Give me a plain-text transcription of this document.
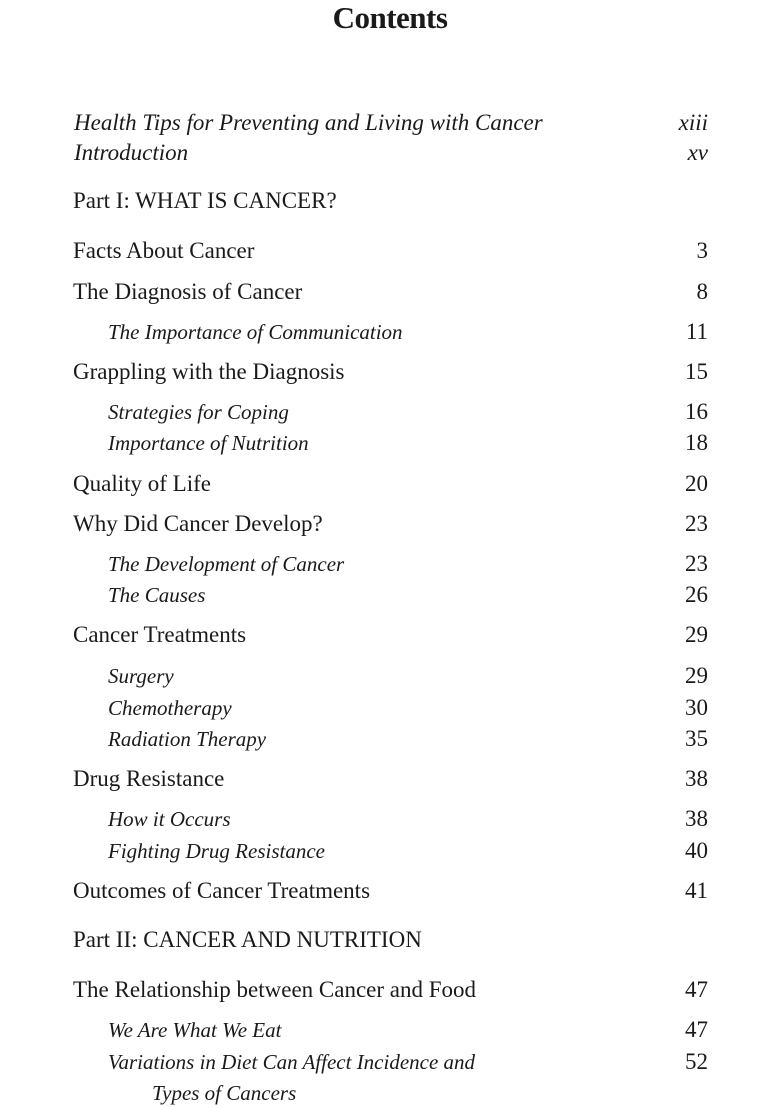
Contents
Health Tips for Preventing and Living with Cancer	xiii
Introduction	xv
Part I: WHAT IS CANCER?
Facts About Cancer	3
The Diagnosis of Cancer	8
The Importance of Communication	11
Grappling with the Diagnosis	15
Strategies for Coping	16
Importance of Nutrition	18
Quality of Life	20
Why Did Cancer Develop?	23
The Development of Cancer	23
The Causes	26
Cancer Treatments	29
Surgery	29
Chemotherapy	30
Radiation Therapy	35
Drug Resistance	38
How it Occurs	38
Fighting Drug Resistance	40
Outcomes of Cancer Treatments	41
Part II: CANCER AND NUTRITION
The Relationship between Cancer and Food	47
We Are What We Eat	47
Variations in Diet Can Affect Incidence and	52
Types of Cancers
